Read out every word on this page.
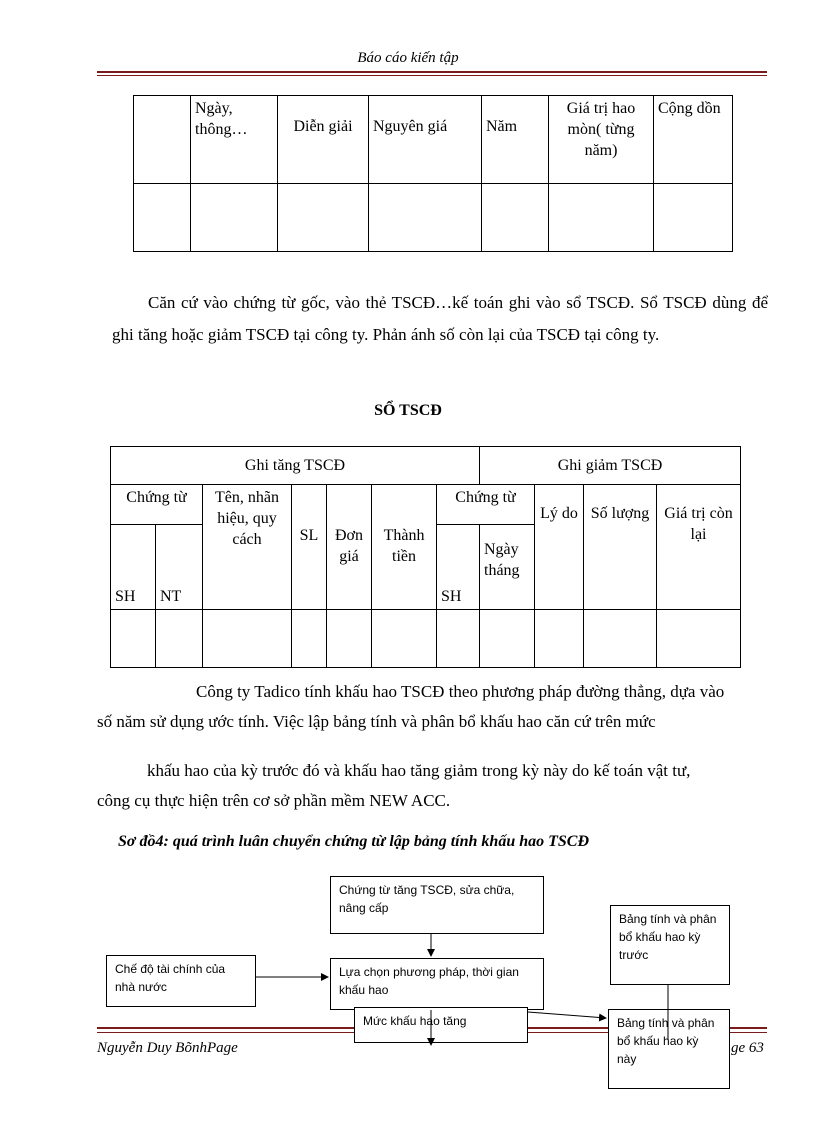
Báo cáo kiến tập
	Ngày, thông…	Diễn giải	Nguyên giá	Năm	Giá trị hao mòn( từng năm)	Cộng dồn

Căn cứ vào chứng từ gốc, vào thẻ TSCĐ…kế toán ghi vào sổ TSCĐ. Sổ TSCĐ dùng để ghi tăng hoặc giảm TSCĐ tại công ty. Phản ánh số còn lại của TSCĐ tại công ty.
SỔ TSCĐ
Ghi tăng TSCĐ							Ghi giảm TSCĐ			
Chứng từ		Tên, nhãn hiệu, quy cách	SL	Đơn giá	Thành tiền	Chứng từ		Lý do	Số lượng	Giá trị còn lại
SH	NT					SH	Ngày tháng			

Công ty Tadico tính khấu hao TSCĐ theo phương pháp đường thẳng, dựa vào
số năm sử dụng ước tính. Việc lập bảng tính và phân bổ khấu hao căn cứ trên mức
khấu hao của kỳ trước đó và khấu hao tăng giảm trong kỳ này do kế toán vật tư,
công cụ thực hiện trên cơ sở phần mềm NEW ACC.
Sơ đồ4: quá trình luân chuyển chứng từ lập bảng tính khấu hao TSCĐ
Chứng từ tăng TSCĐ, sửa chữa, nâng cấp
Chế độ tài chính của nhà nước
Lựa chọn phương pháp, thời gian khấu hao
Bảng tính và phân bổ khấu hao kỳ trước
Nguyễn Duy BõnhPage	ge 63
Mức khấu hao tăng	Bảng tính và phân bổ khấu hao kỳ này
